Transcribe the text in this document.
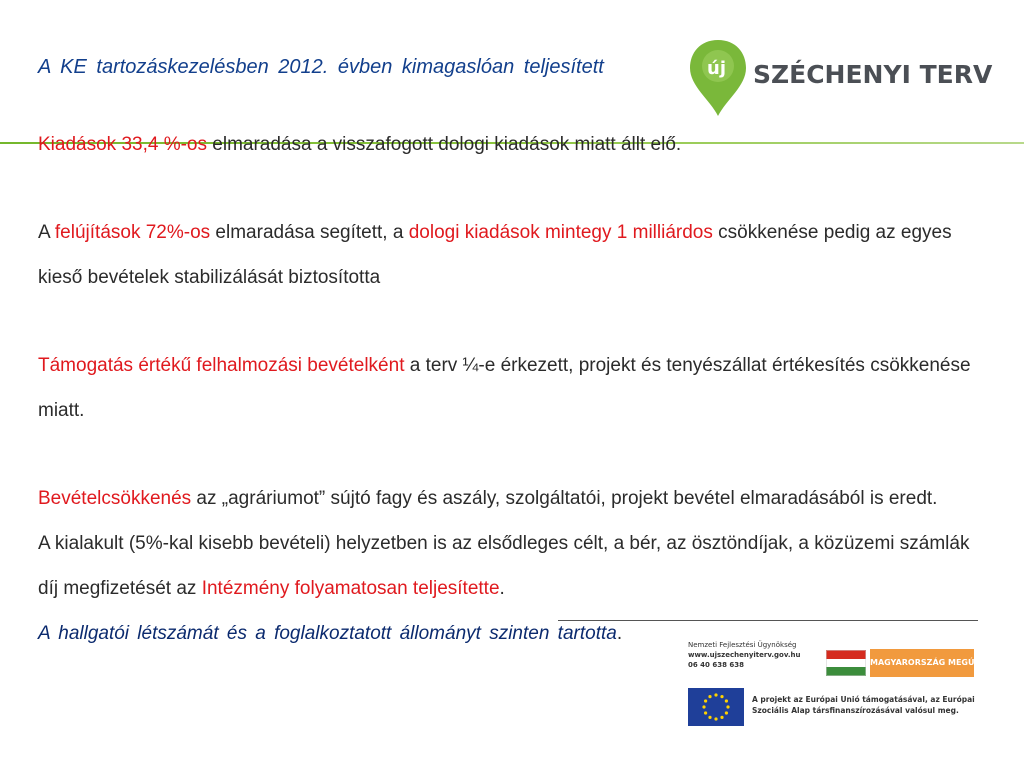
A KE tartozáskezelésben 2012. évben kimagaslóan teljesített	új SZÉCHENYI TERV

Kiadások 33,4 %-os elmaradása a visszafogott dologi kiadások miatt állt elő.

A felújítások 72%-os elmaradása segített, a dologi kiadások mintegy 1 milliárdos csökkenése pedig az egyes kieső bevételek stabilizálását biztosította

Támogatás értékű felhalmozási bevételként a terv ¼-e érkezett, projekt és tenyészállat értékesítés csökkenése miatt.

Bevételcsökkenés az „agráriumot” sújtó fagy és aszály, szolgáltatói, projekt bevétel elmaradásából is eredt.

A kialakult (5%-kal kisebb bevételi) helyzetben is az elsődleges célt, a bér, az ösztöndíjak, a közüzemi számlák díj megfizetését az Intézmény folyamatosan teljesítette.

A hallgatói létszámát és a foglalkoztatott állományt szinten tartotta.

Nemzeti Fejlesztési Ügynökség
www.ujszechenyiterv.gov.hu
06 40 638 638	MAGYARORSZÁG MEGÚJUL
A projekt az Európai Unió támogatásával, az Európai Szociális Alap társfinanszírozásával valósul meg.
